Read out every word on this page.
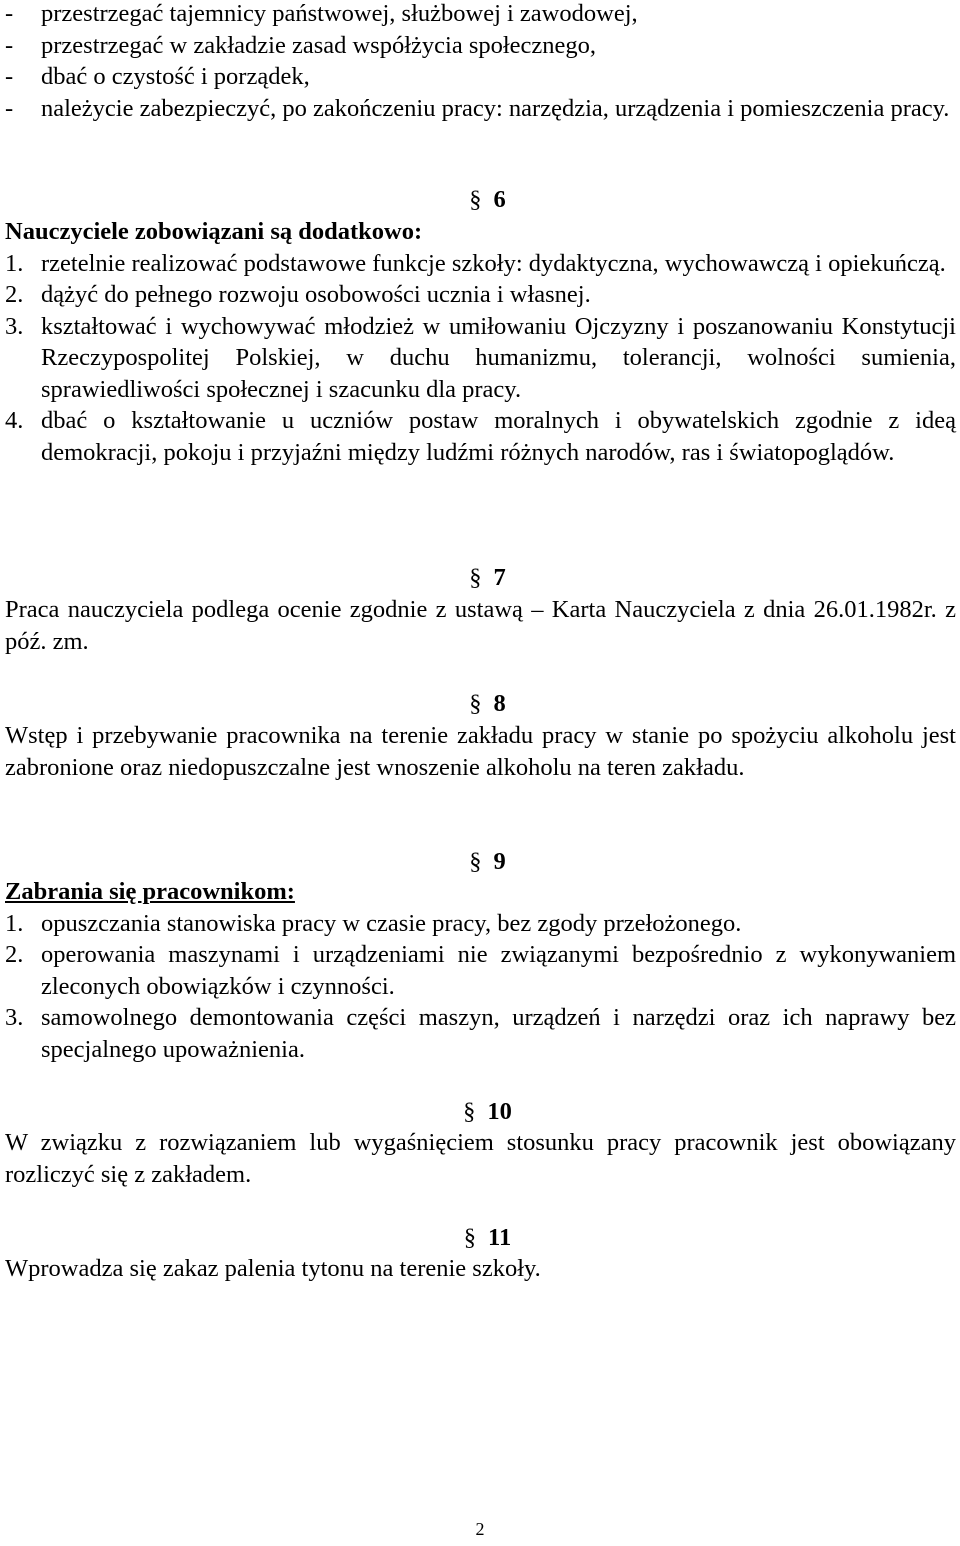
-	przestrzegać tajemnicy państwowej, służbowej i zawodowej,
-	przestrzegać w zakładzie zasad współżycia społecznego,
-	dbać o czystość i porządek,
-	należycie zabezpieczyć, po zakończeniu pracy: narzędzia, urządzenia i pomieszczenia pracy.
§ 6
Nauczyciele zobowiązani są dodatkowo:
1. rzetelnie realizować podstawowe funkcje szkoły: dydaktyczna, wychowawczą i opiekuńczą.
2. dążyć do pełnego rozwoju osobowości ucznia i własnej.
3. kształtować i wychowywać młodzież w umiłowaniu Ojczyzny i poszanowaniu Konstytucji Rzeczypospolitej Polskiej, w duchu humanizmu, tolerancji, wolności sumienia, sprawiedliwości społecznej i szacunku dla pracy.
4. dbać o kształtowanie u uczniów postaw moralnych i obywatelskich zgodnie z ideą demokracji, pokoju i przyjaźni między ludźmi różnych narodów, ras i światopoglądów.
§ 7

Praca nauczyciela podlega ocenie zgodnie z ustawą – Karta Nauczyciela z dnia 26.01.1982r. z póź. zm.

§ 8

Wstęp i przebywanie pracownika na terenie zakładu pracy w stanie po spożyciu alkoholu jest zabronione oraz niedopuszczalne jest wnoszenie alkoholu na teren zakładu.

§ 9
Zabrania się pracownikom:
1. opuszczania stanowiska pracy w czasie pracy, bez zgody przełożonego.
2. operowania maszynami i urządzeniami nie związanymi bezpośrednio z wykonywaniem zleconych obowiązków i czynności.
3. samowolnego demontowania części maszyn, urządzeń i narzędzi oraz ich naprawy bez specjalnego upoważnienia.
§ 10

W związku z rozwiązaniem lub wygaśnięciem stosunku pracy pracownik jest obowiązany rozliczyć się z zakładem.

§ 11

Wprowadza się zakaz palenia tytonu na terenie szkoły.

2
